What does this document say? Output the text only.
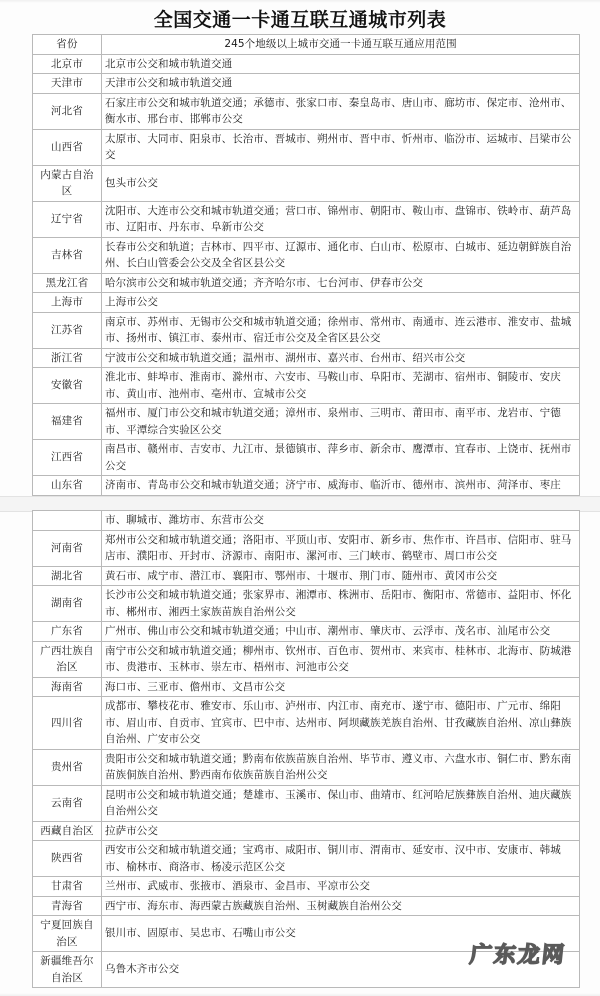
全国交通一卡通互联互通城市列表
省份	245个地级以上城市交通一卡通互联互通应用范围
北京市	北京市公交和城市轨道交通
天津市	天津市公交和城市轨道交通
河北省	石家庄市公交和城市轨道交通；承德市、张家口市、秦皇岛市、唐山市、廊坊市、保定市、沧州市、衡水市、邢台市、邯郸市公交
山西省	太原市、大同市、阳泉市、长治市、晋城市、朔州市、晋中市、忻州市、临汾市、运城市、吕梁市公交
内蒙古自治区	包头市公交
辽宁省	沈阳市、大连市公交和城市轨道交通；营口市、锦州市、朝阳市、鞍山市、盘锦市、铁岭市、葫芦岛市、辽阳市、丹东市、阜新市公交
吉林省	长春市公交和轨道；吉林市、四平市、辽源市、通化市、白山市、松原市、白城市、延边朝鲜族自治州、长白山管委会公交及全省区县公交
黑龙江省	哈尔滨市公交和城市轨道交通；齐齐哈尔市、七台河市、伊春市公交
上海市	上海市公交
江苏省	南京市、苏州市、无锡市公交和城市轨道交通；徐州市、常州市、南通市、连云港市、淮安市、盐城市、扬州市、镇江市、泰州市、宿迁市公交及全省区县公交
浙江省	宁波市公交和城市轨道交通；温州市、湖州市、嘉兴市、台州市、绍兴市公交
安徽省	淮北市、蚌埠市、淮南市、滁州市、六安市、马鞍山市、阜阳市、芜湖市、宿州市、铜陵市、安庆市、黄山市、池州市、亳州市、宣城市公交
福建省	福州市、厦门市公交和城市轨道交通；漳州市、泉州市、三明市、莆田市、南平市、龙岩市、宁德市、平潭综合实验区公交
江西省	南昌市、赣州市、吉安市、九江市、景德镇市、萍乡市、新余市、鹰潭市、宜春市、上饶市、抚州市公交
山东省	济南市、青岛市公交和城市轨道交通；济宁市、威海市、临沂市、德州市、滨州市、菏泽市、枣庄
	市、聊城市、潍坊市、东营市公交
河南省	郑州市公交和城市轨道交通；洛阳市、平顶山市、安阳市、新乡市、焦作市、许昌市、信阳市、驻马店市、濮阳市、开封市、济源市、南阳市、漯河市、三门峡市、鹤壁市、周口市公交
湖北省	黄石市、咸宁市、潜江市、襄阳市、鄂州市、十堰市、荆门市、随州市、黄冈市公交
湖南省	长沙市公交和城市轨道交通；张家界市、湘潭市、株洲市、岳阳市、衡阳市、常德市、益阳市、怀化市、郴州市、湘西土家族苗族自治州公交
广东省	广州市、佛山市公交和城市轨道交通；中山市、潮州市、肇庆市、云浮市、茂名市、汕尾市公交
广西壮族自治区	南宁市公交和城市轨道交通；柳州市、钦州市、百色市、贺州市、来宾市、桂林市、北海市、防城港市、贵港市、玉林市、崇左市、梧州市、河池市公交
海南省	海口市、三亚市、儋州市、文昌市公交
四川省	成都市、攀枝花市、雅安市、乐山市、泸州市、内江市、南充市、遂宁市、德阳市、广元市、绵阳市、眉山市、自贡市、宜宾市、巴中市、达州市、阿坝藏族羌族自治州、甘孜藏族自治州、凉山彝族自治州、广安市公交
贵州省	贵阳市公交和城市轨道交通；黔南布依族苗族自治州、毕节市、遵义市、六盘水市、铜仁市、黔东南苗族侗族自治州、黔西南布依族苗族自治州公交
云南省	昆明市公交和城市轨道交通；楚雄市、玉溪市、保山市、曲靖市、红河哈尼族彝族自治州、迪庆藏族自治州公交
西藏自治区	拉萨市公交
陕西省	西安市公交和城市轨道交通；宝鸡市、咸阳市、铜川市、渭南市、延安市、汉中市、安康市、韩城市、榆林市、商洛市、杨凌示范区公交
甘肃省	兰州市、武威市、张掖市、酒泉市、金昌市、平凉市公交
青海省	西宁市、海东市、海西蒙古族藏族自治州、玉树藏族自治州公交
宁夏回族自治区	银川市、固原市、吴忠市、石嘴山市公交
新疆维吾尔自治区	乌鲁木齐市公交
